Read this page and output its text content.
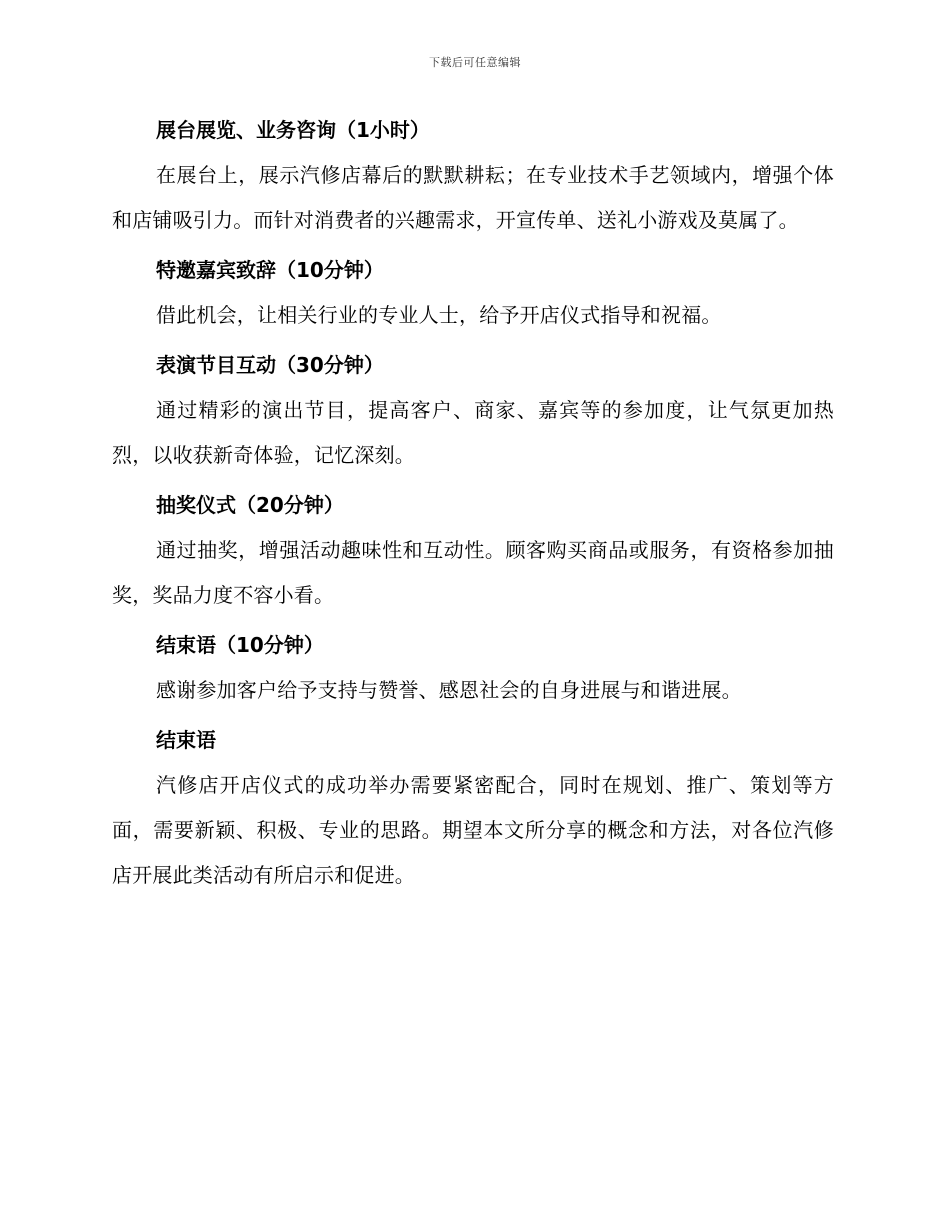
下载后可任意编辑

展台展览、业务咨询（1小时）

在展台上，展示汽修店幕后的默默耕耘；在专业技术手艺领域内，增强个体和店铺吸引力。而针对消费者的兴趣需求，开宣传单、送礼小游戏及莫属了。

特邀嘉宾致辞（10分钟）

借此机会，让相关行业的专业人士，给予开店仪式指导和祝福。

表演节目互动（30分钟）

通过精彩的演出节目，提高客户、商家、嘉宾等的参加度，让气氛更加热烈，以收获新奇体验，记忆深刻。

抽奖仪式（20分钟）

通过抽奖，增强活动趣味性和互动性。顾客购买商品或服务，有资格参加抽奖，奖品力度不容小看。

结束语（10分钟）

感谢参加客户给予支持与赞誉、感恩社会的自身进展与和谐进展。

结束语

汽修店开店仪式的成功举办需要紧密配合，同时在规划、推广、策划等方面，需要新颖、积极、专业的思路。期望本文所分享的概念和方法，对各位汽修店开展此类活动有所启示和促进。
